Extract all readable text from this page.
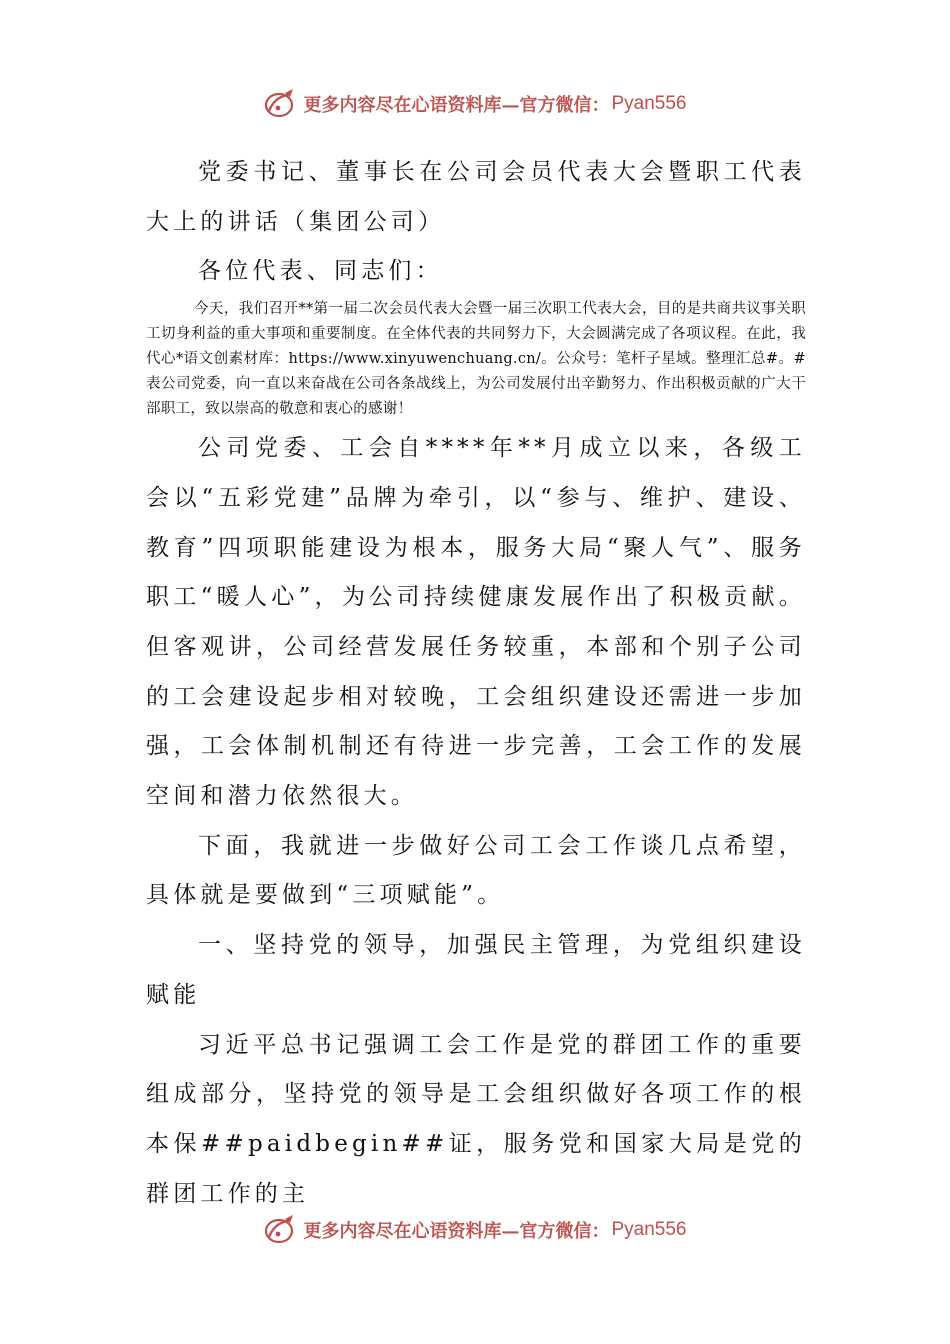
更多内容尽在心语资料库—官方微信： Pyan556

党委书记、董事长在公司会员代表大会暨职工代表大上的讲话（集团公司）

各位代表、同志们：

今天，我们召开**第一届二次会员代表大会暨一届三次职工代表大会，目的是共商共议事关职工切身利益的重大事项和重要制度。在全体代表的共同努力下，大会圆满完成了各项议程。在此，我代心*语文创素材库：https://www.xinyuwenchuang.cn/。公众号：笔杆子星域。整理汇总#。#表公司党委，向一直以来奋战在公司各条战线上，为公司发展付出辛勤努力、作出积极贡献的广大干部职工，致以崇高的敬意和衷心的感谢！

公司党委、工会自****年**月成立以来，各级工会以“五彩党建”品牌为牵引，以“参与、维护、建设、教育”四项职能建设为根本，服务大局“聚人气”、服务职工“暖人心”，为公司持续健康发展作出了积极贡献。但客观讲，公司经营发展任务较重，本部和个别子公司的工会建设起步相对较晚，工会组织建设还需进一步加强，工会体制机制还有待进一步完善，工会工作的发展空间和潜力依然很大。

下面，我就进一步做好公司工会工作谈几点希望，具体就是要做到“三项赋能”。

一、坚持党的领导，加强民主管理，为党组织建设赋能

习近平总书记强调工会工作是党的群团工作的重要组成部分，坚持党的领导是工会组织做好各项工作的根本保##paidbegin##证，服务党和国家大局是党的群团工作的主

更多内容尽在心语资料库—官方微信： Pyan556
